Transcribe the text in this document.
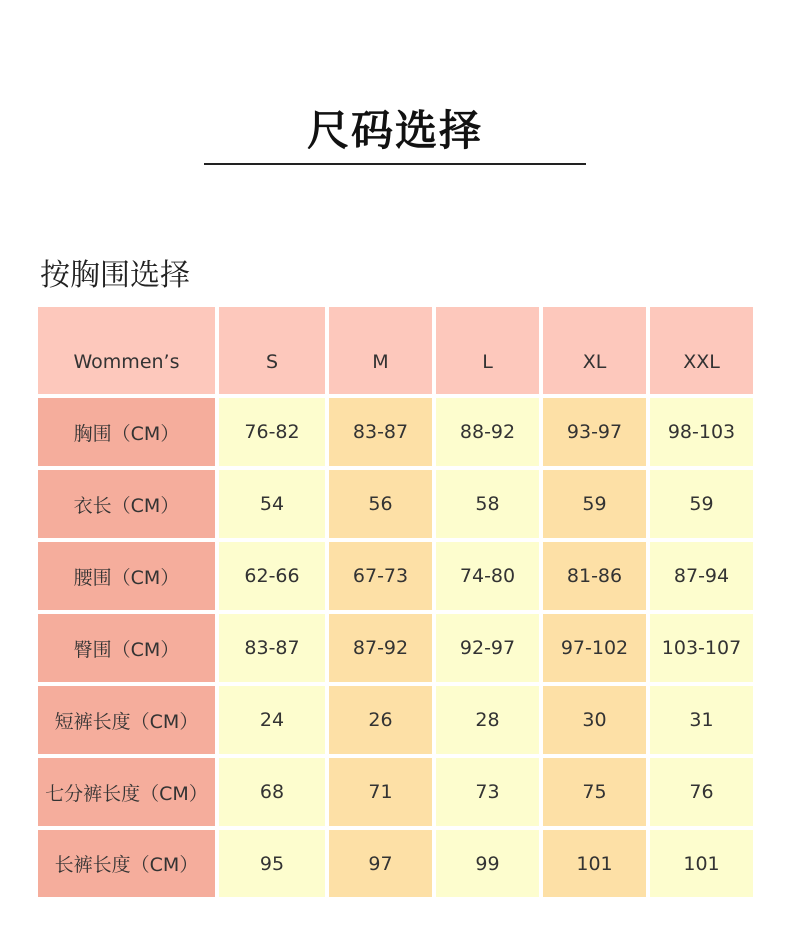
尺码选择
按胸围选择
Wommen’s	S	M	L	XL	XXL
胸围（CM）	76-82	83-87	88-92	93-97	98-103
衣长（CM）	54	56	58	59	59
腰围（CM）	62-66	67-73	74-80	81-86	87-94
臀围（CM）	83-87	87-92	92-97	97-102	103-107
短裤长度（CM）	24	26	28	30	31
七分裤长度（CM）	68	71	73	75	76
长裤长度（CM）	95	97	99	101	101
